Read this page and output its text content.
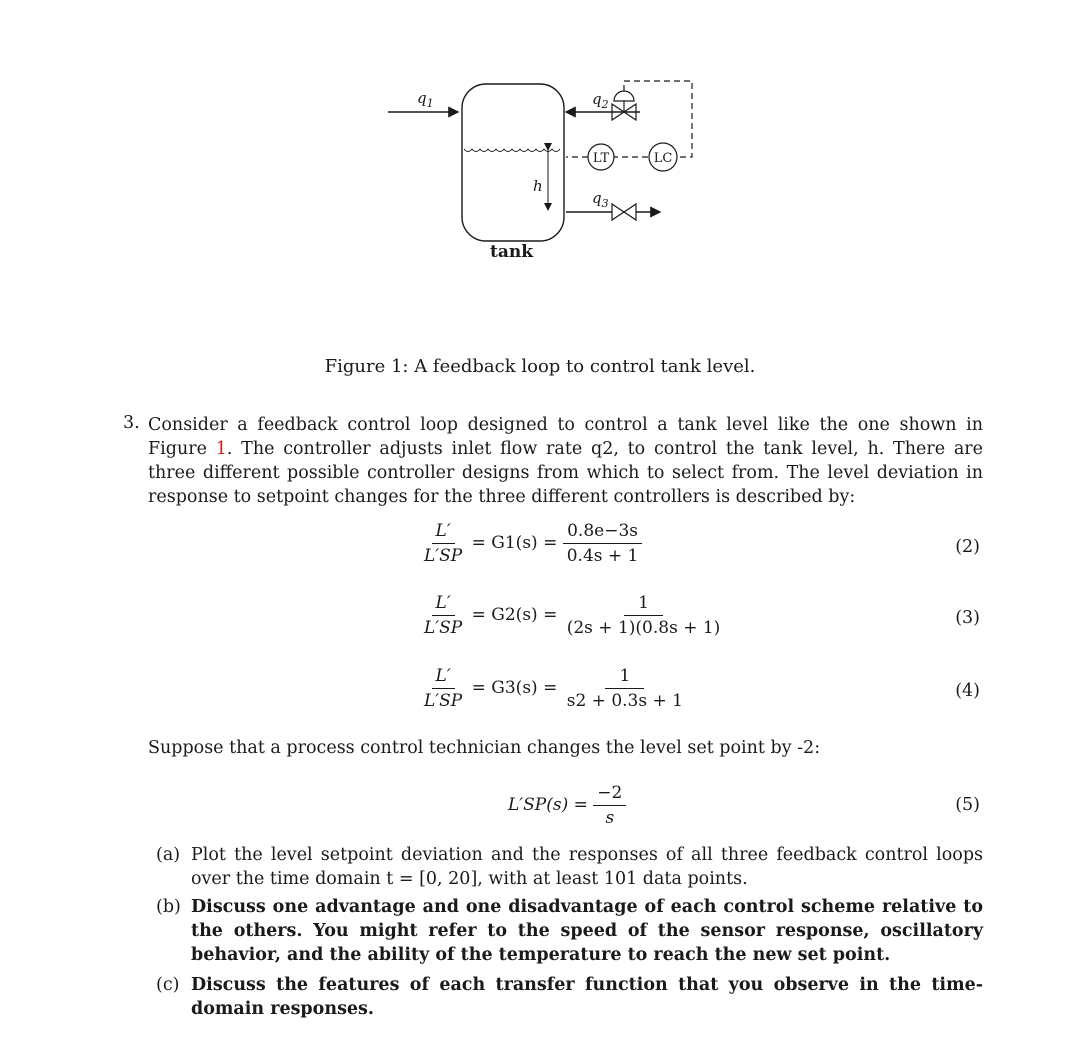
$q_1$
h
tank
$q_2$
LT	LC
$q_3$
Figure 1: A feedback loop to control tank level.
3. Consider a feedback control loop designed to control a tank level like the one shown in Figure 1. The controller adjusts inlet flow rate q2, to control the tank level, h. There are three different possible controller designs from which to select from. The level deviation in response to setpoint changes for the three different controllers is described by:
$\frac{L'}{L'SP} = G1(s) = \frac{0.8e-3s}{0.4s + 1}$	(2)
$\frac{L'}{L'SP} = G2(s) = \frac{1}{(2s + 1)(0.8s + 1)}$	(3)
$\frac{L'}{L'SP} = G3(s) = \frac{1}{s2 + 0.3s + 1}$	(4)
Suppose that a process control technician changes the level set point by -2:
$L'SP(s) = \frac{-2}{s}$	(5)
(a) Plot the level setpoint deviation and the responses of all three feedback control loops over the time domain t = [0, 20], with at least 101 data points.
(b) Discuss one advantage and one disadvantage of each control scheme relative to the others. You might refer to the speed of the sensor response, oscillatory behavior, and the ability of the temperature to reach the new set point.
(c) Discuss the features of each transfer function that you observe in the time-domain responses.
